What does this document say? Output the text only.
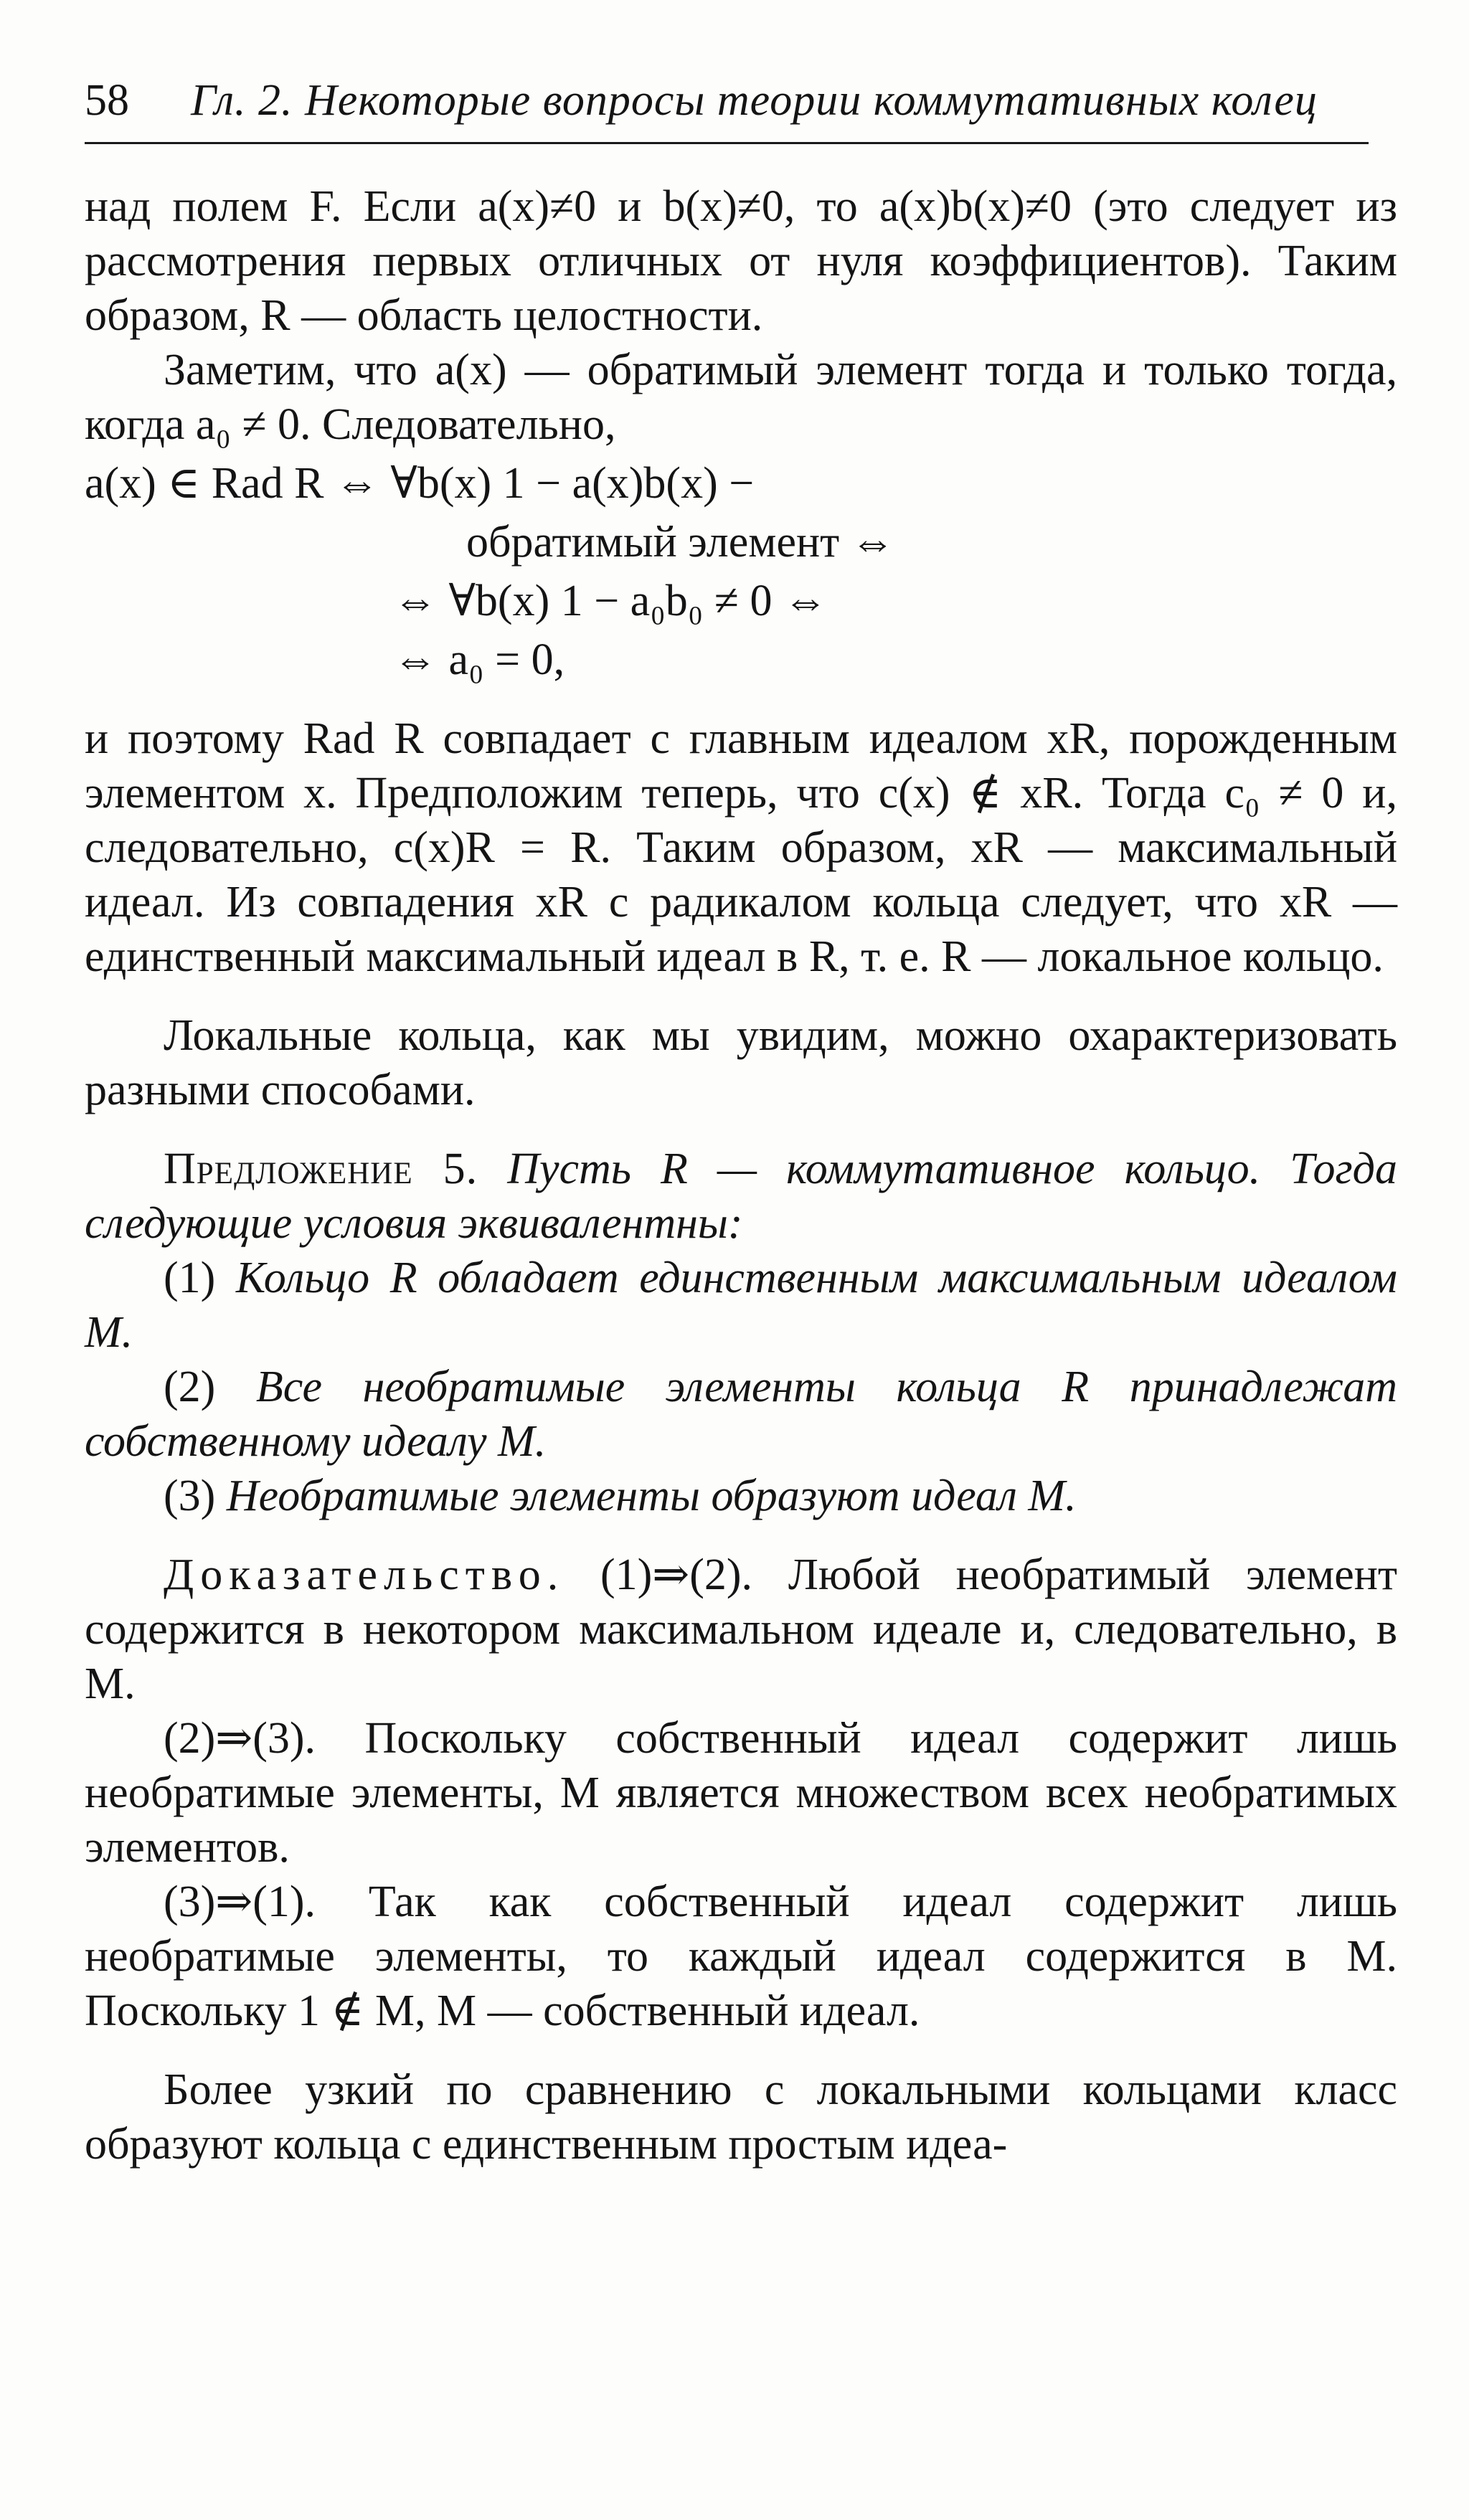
58 Гл. 2. Некоторые вопросы теории коммутативных колец

над полем F. Если a(x)≠0 и b(x)≠0, то a(x)b(x)≠0 (это следует из рассмотрения первых отличных от нуля коэффициентов). Таким образом, R — область целостности.

Заметим, что a(x) — обратимый элемент тогда и только тогда, когда a₀ ≠ 0. Следовательно,

a(x) ∈ Rad R ⇔ ∀b(x) 1 − a(x)b(x) −
обратимый элемент ⇔
⇔ ∀b(x) 1 − a₀b₀ ≠ 0 ⇔
⇔ a₀ = 0,

и поэтому Rad R совпадает с главным идеалом xR, порожденным элементом x. Предположим теперь, что c(x) ∉ xR. Тогда c₀ ≠ 0 и, следовательно, c(x)R = R. Таким образом, xR — максимальный идеал. Из совпадения xR с радикалом кольца следует, что xR — единственный максимальный идеал в R, т. е. R — локальное кольцо.

Локальные кольца, как мы увидим, можно охарактеризовать разными способами.

Предложение 5. Пусть R — коммутативное кольцо. Тогда следующие условия эквивалентны:

(1) Кольцо R обладает единственным максимальным идеалом M.

(2) Все необратимые элементы кольца R принадлежат собственному идеалу M.

(3) Необратимые элементы образуют идеал M.

Доказательство. (1)⇒(2). Любой необратимый элемент содержится в некотором максимальном идеале и, следовательно, в M.

(2)⇒(3). Поскольку собственный идеал содержит лишь необратимые элементы, M является множеством всех необратимых элементов.

(3)⇒(1). Так как собственный идеал содержит лишь необратимые элементы, то каждый идеал содержится в M. Поскольку 1 ∉ M, M — собственный идеал.

Более узкий по сравнению с локальными кольцами класс образуют кольца с единственным простым идеа-
